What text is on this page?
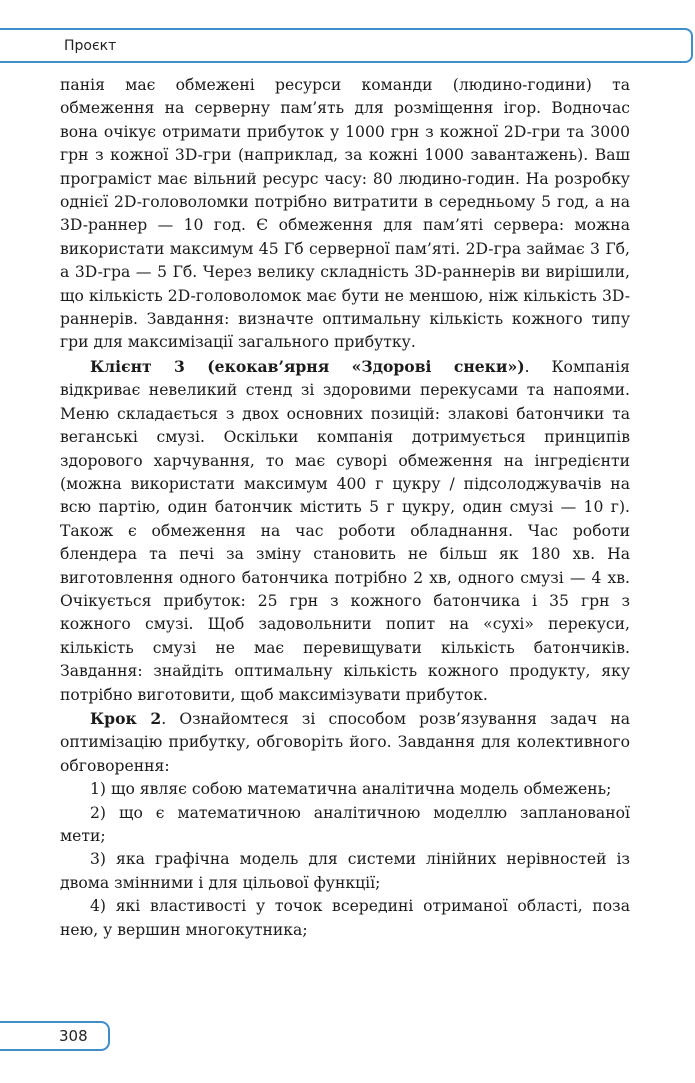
Проєкт

панія має обмежені ресурси команди (людино-години) та обмеження на серверну пам’ять для розміщення ігор. Водночас вона очікує отримати прибуток у 1000 грн з кожної 2D-гри та 3000 грн з кожної 3D-гри (наприклад, за кожні 1000 завантажень). Ваш програміст має вільний ресурс часу: 80 людино-годин. На розробку однієї 2D-головоломки потрібно витратити в середньому 5 год, а на 3D-раннер — 10 год. Є обмеження для пам’яті сервера: можна використати максимум 45 Гб серверної пам’яті. 2D-гра займає 3 Гб, а 3D-гра — 5 Гб. Через велику складність 3D-раннерів ви вирішили, що кількість 2D-головоломок має бути не меншою, ніж кількість 3D-раннерів. Завдання: визначте оптимальну кількість кожного типу гри для максимізації загального прибутку.

Клієнт 3 (екокав’ярня «Здорові снеки»). Компанія відкриває невеликий стенд зі здоровими перекусами та напоями. Меню складається з двох основних позицій: злакові батончики та веганські смузі. Оскільки компанія дотримується принципів здорового харчування, то має суворі обмеження на інгредієнти (можна використати максимум 400 г цукру / підсолоджувачів на всю партію, один батончик містить 5 г цукру, один смузі — 10 г). Також є обмеження на час роботи обладнання. Час роботи блендера та печі за зміну становить не більш як 180 хв. На виготовлення одного батончика потрібно 2 хв, одного смузі — 4 хв. Очікується прибуток: 25 грн з кожного батончика і 35 грн з кожного смузі. Щоб задовольнити попит на «сухі» перекуси, кількість смузі не має перевищувати кількість батончиків. Завдання: знайдіть оптимальну кількість кожного продукту, яку потрібно виготовити, щоб максимізувати прибуток.

Крок 2. Ознайомтеся зі способом розв’язування задач на оптимізацію прибутку, обговоріть його. Завдання для колективного обговорення:

1) що являє собою математична аналітична модель обмежень;

2) що є математичною аналітичною моделлю запланованої мети;

3) яка графічна модель для системи лінійних нерівностей із двома змінними і для цільової функції;

4) які властивості у точок всередині отриманої області, поза нею, у вершин многокутника;

308
